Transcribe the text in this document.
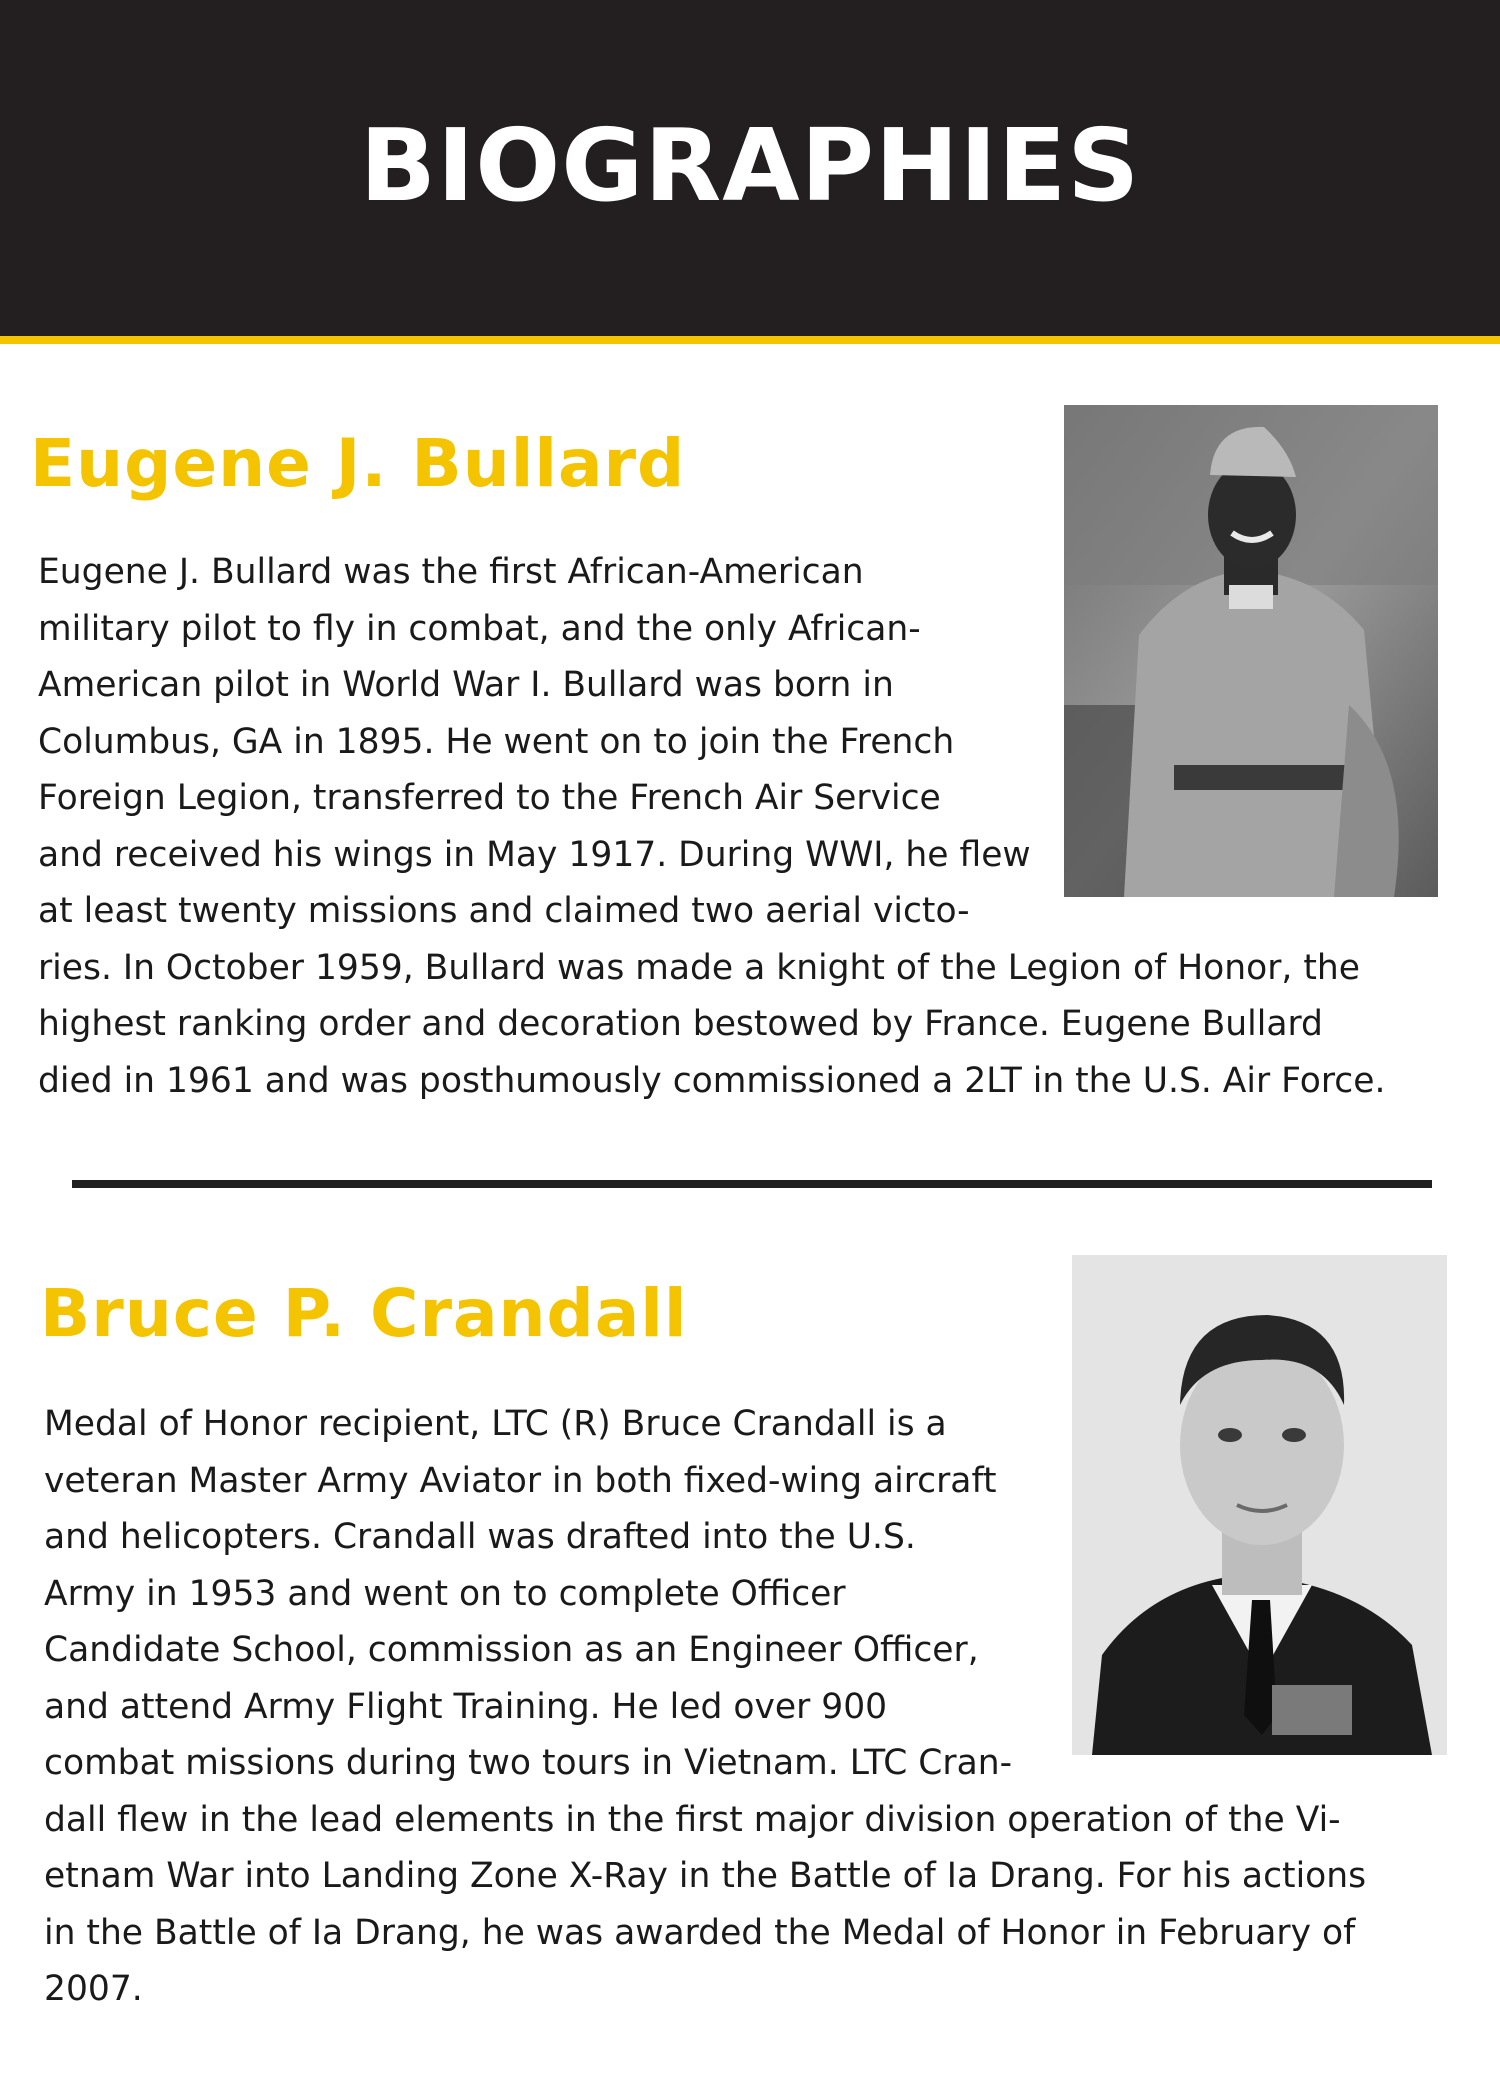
BIOGRAPHIES
Eugene J. Bullard
Eugene J. Bullard was the first African-American
military pilot to fly in combat, and the only African-
American pilot in World War I. Bullard was born in
Columbus, GA in 1895. He went on to join the French
Foreign Legion, transferred to the French Air Service
and received his wings in May 1917. During WWI, he flew
at least twenty missions and claimed two aerial victo-
ries. In October 1959, Bullard was made a knight of the Legion of Honor, the
highest ranking order and decoration bestowed by France. Eugene Bullard
died in 1961 and was posthumously commissioned a 2LT in the U.S. Air Force.
Bruce P. Crandall
Medal of Honor recipient, LTC (R) Bruce Crandall is a
veteran Master Army Aviator in both fixed-wing aircraft
and helicopters. Crandall was drafted into the U.S.
Army in 1953 and went on to complete Officer
Candidate School, commission as an Engineer Officer,
and attend Army Flight Training. He led over 900
combat missions during two tours in Vietnam. LTC Cran-
dall flew in the lead elements in the first major division operation of the Vi-
etnam War into Landing Zone X-Ray in the Battle of Ia Drang. For his actions
in the Battle of Ia Drang, he was awarded the Medal of Honor in February of
2007.
